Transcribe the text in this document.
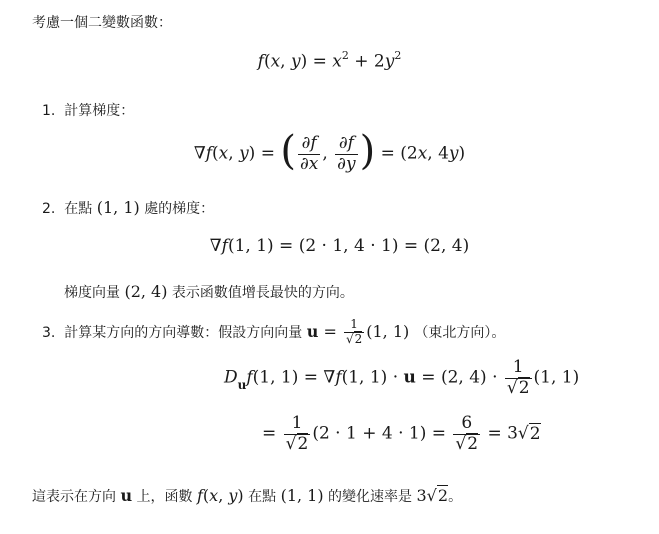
考慮一個二變數函數：
f(x, $y) = x^2 + 2y^2$
1. 計算梯度：
∇f(x, y) = ( $\frac{\partial f}{\partial x}$ , $\frac{\partial f}{\partial y}$ ) = (2x, 4y)
2. 在點 (1, 1) 處的梯度：
∇f(1, 1) = (2 · 1, 4 · 1) = (2, 4)
梯度向量 (2, 4) 表示函數值增長最快的方向。
3. 計算某方向的方向導數：假設方向向量 $u = \frac{1}{√2} (1$, 1) （東北方向）。
$D_uf(1$, 1) = ∇f(1, 1) · u = (2, $4) \cdot \frac{1}{√2} (1$, 1)
= $\frac{1}{√2} (2 \cdot 1 + 4 \cdot 1) = \frac{6}{√2} = 3√2$
這表示在方向 u 上，函數 f(x, y) 在點 (1, 1) 的變化速率是 3√2。
